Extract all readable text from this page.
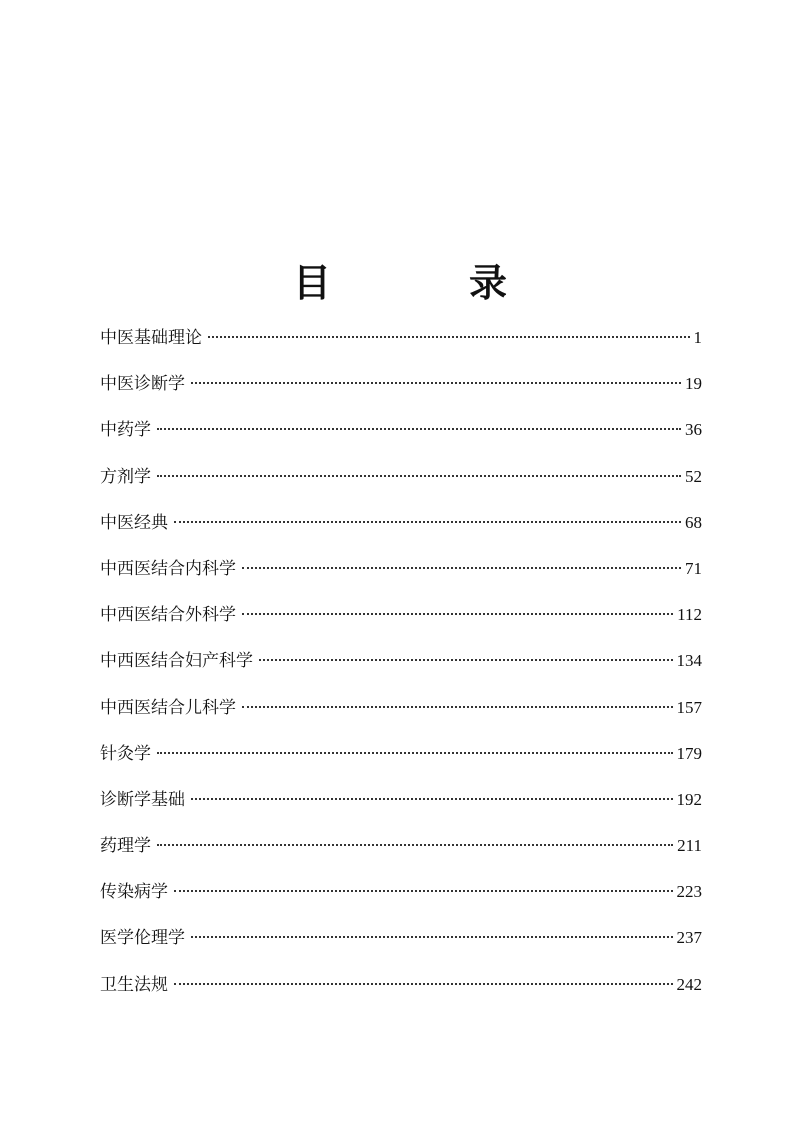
目　录
中医基础理论	1
中医诊断学	19
中药学	36
方剂学	52
中医经典	68
中西医结合内科学	71
中西医结合外科学	112
中西医结合妇产科学	134
中西医结合儿科学	157
针灸学	179
诊断学基础	192
药理学	211
传染病学	223
医学伦理学	237
卫生法规	242
